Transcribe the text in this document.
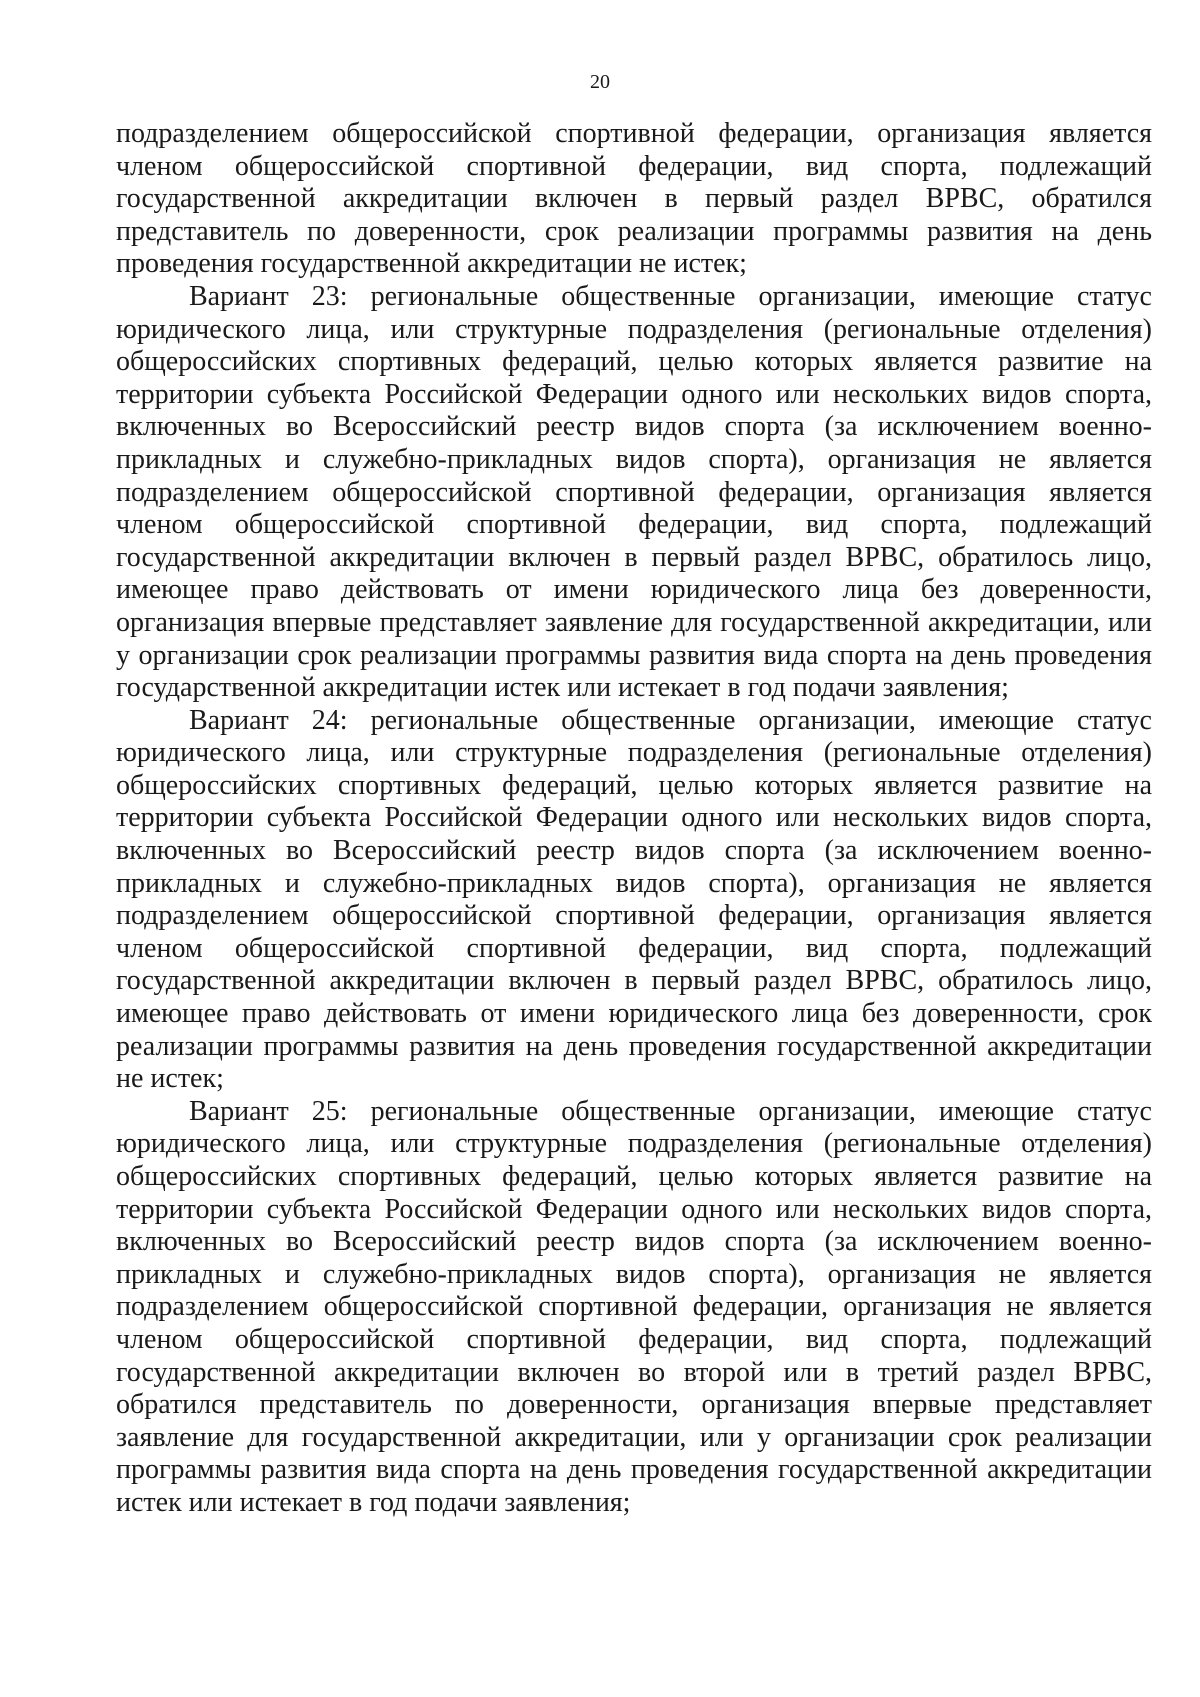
20

подразделением общероссийской спортивной федерации, организация является членом общероссийской спортивной федерации, вид спорта, подлежащий государственной аккредитации включен в первый раздел ВРВС, обратился представитель по доверенности, срок реализации программы развития на день проведения государственной аккредитации не истек;

Вариант 23: региональные общественные организации, имеющие статус юридического лица, или структурные подразделения (региональные отделения) общероссийских спортивных федераций, целью которых является развитие на территории субъекта Российской Федерации одного или нескольких видов спорта, включенных во Всероссийский реестр видов спорта (за исключением военно-прикладных и служебно-прикладных видов спорта), организация не является подразделением общероссийской спортивной федерации, организация является членом общероссийской спортивной федерации, вид спорта, подлежащий государственной аккредитации включен в первый раздел ВРВС, обратилось лицо, имеющее право действовать от имени юридического лица без доверенности, организация впервые представляет заявление для государственной аккредитации, или у организации срок реализации программы развития вида спорта на день проведения государственной аккредитации истек или истекает в год подачи заявления;

Вариант 24: региональные общественные организации, имеющие статус юридического лица, или структурные подразделения (региональные отделения) общероссийских спортивных федераций, целью которых является развитие на территории субъекта Российской Федерации одного или нескольких видов спорта, включенных во Всероссийский реестр видов спорта (за исключением военно-прикладных и служебно-прикладных видов спорта), организация не является подразделением общероссийской спортивной федерации, организация является членом общероссийской спортивной федерации, вид спорта, подлежащий государственной аккредитации включен в первый раздел ВРВС, обратилось лицо, имеющее право действовать от имени юридического лица без доверенности, срок реализации программы развития на день проведения государственной аккредитации не истек;

Вариант 25: региональные общественные организации, имеющие статус юридического лица, или структурные подразделения (региональные отделения) общероссийских спортивных федераций, целью которых является развитие на территории субъекта Российской Федерации одного или нескольких видов спорта, включенных во Всероссийский реестр видов спорта (за исключением военно-прикладных и служебно-прикладных видов спорта), организация не является подразделением общероссийской спортивной федерации, организация не является членом общероссийской спортивной федерации, вид спорта, подлежащий государственной аккредитации включен во второй или в третий раздел ВРВС, обратился представитель по доверенности, организация впервые представляет заявление для государственной аккредитации, или у организации срок реализации программы развития вида спорта на день проведения государственной аккредитации истек или истекает в год подачи заявления;
